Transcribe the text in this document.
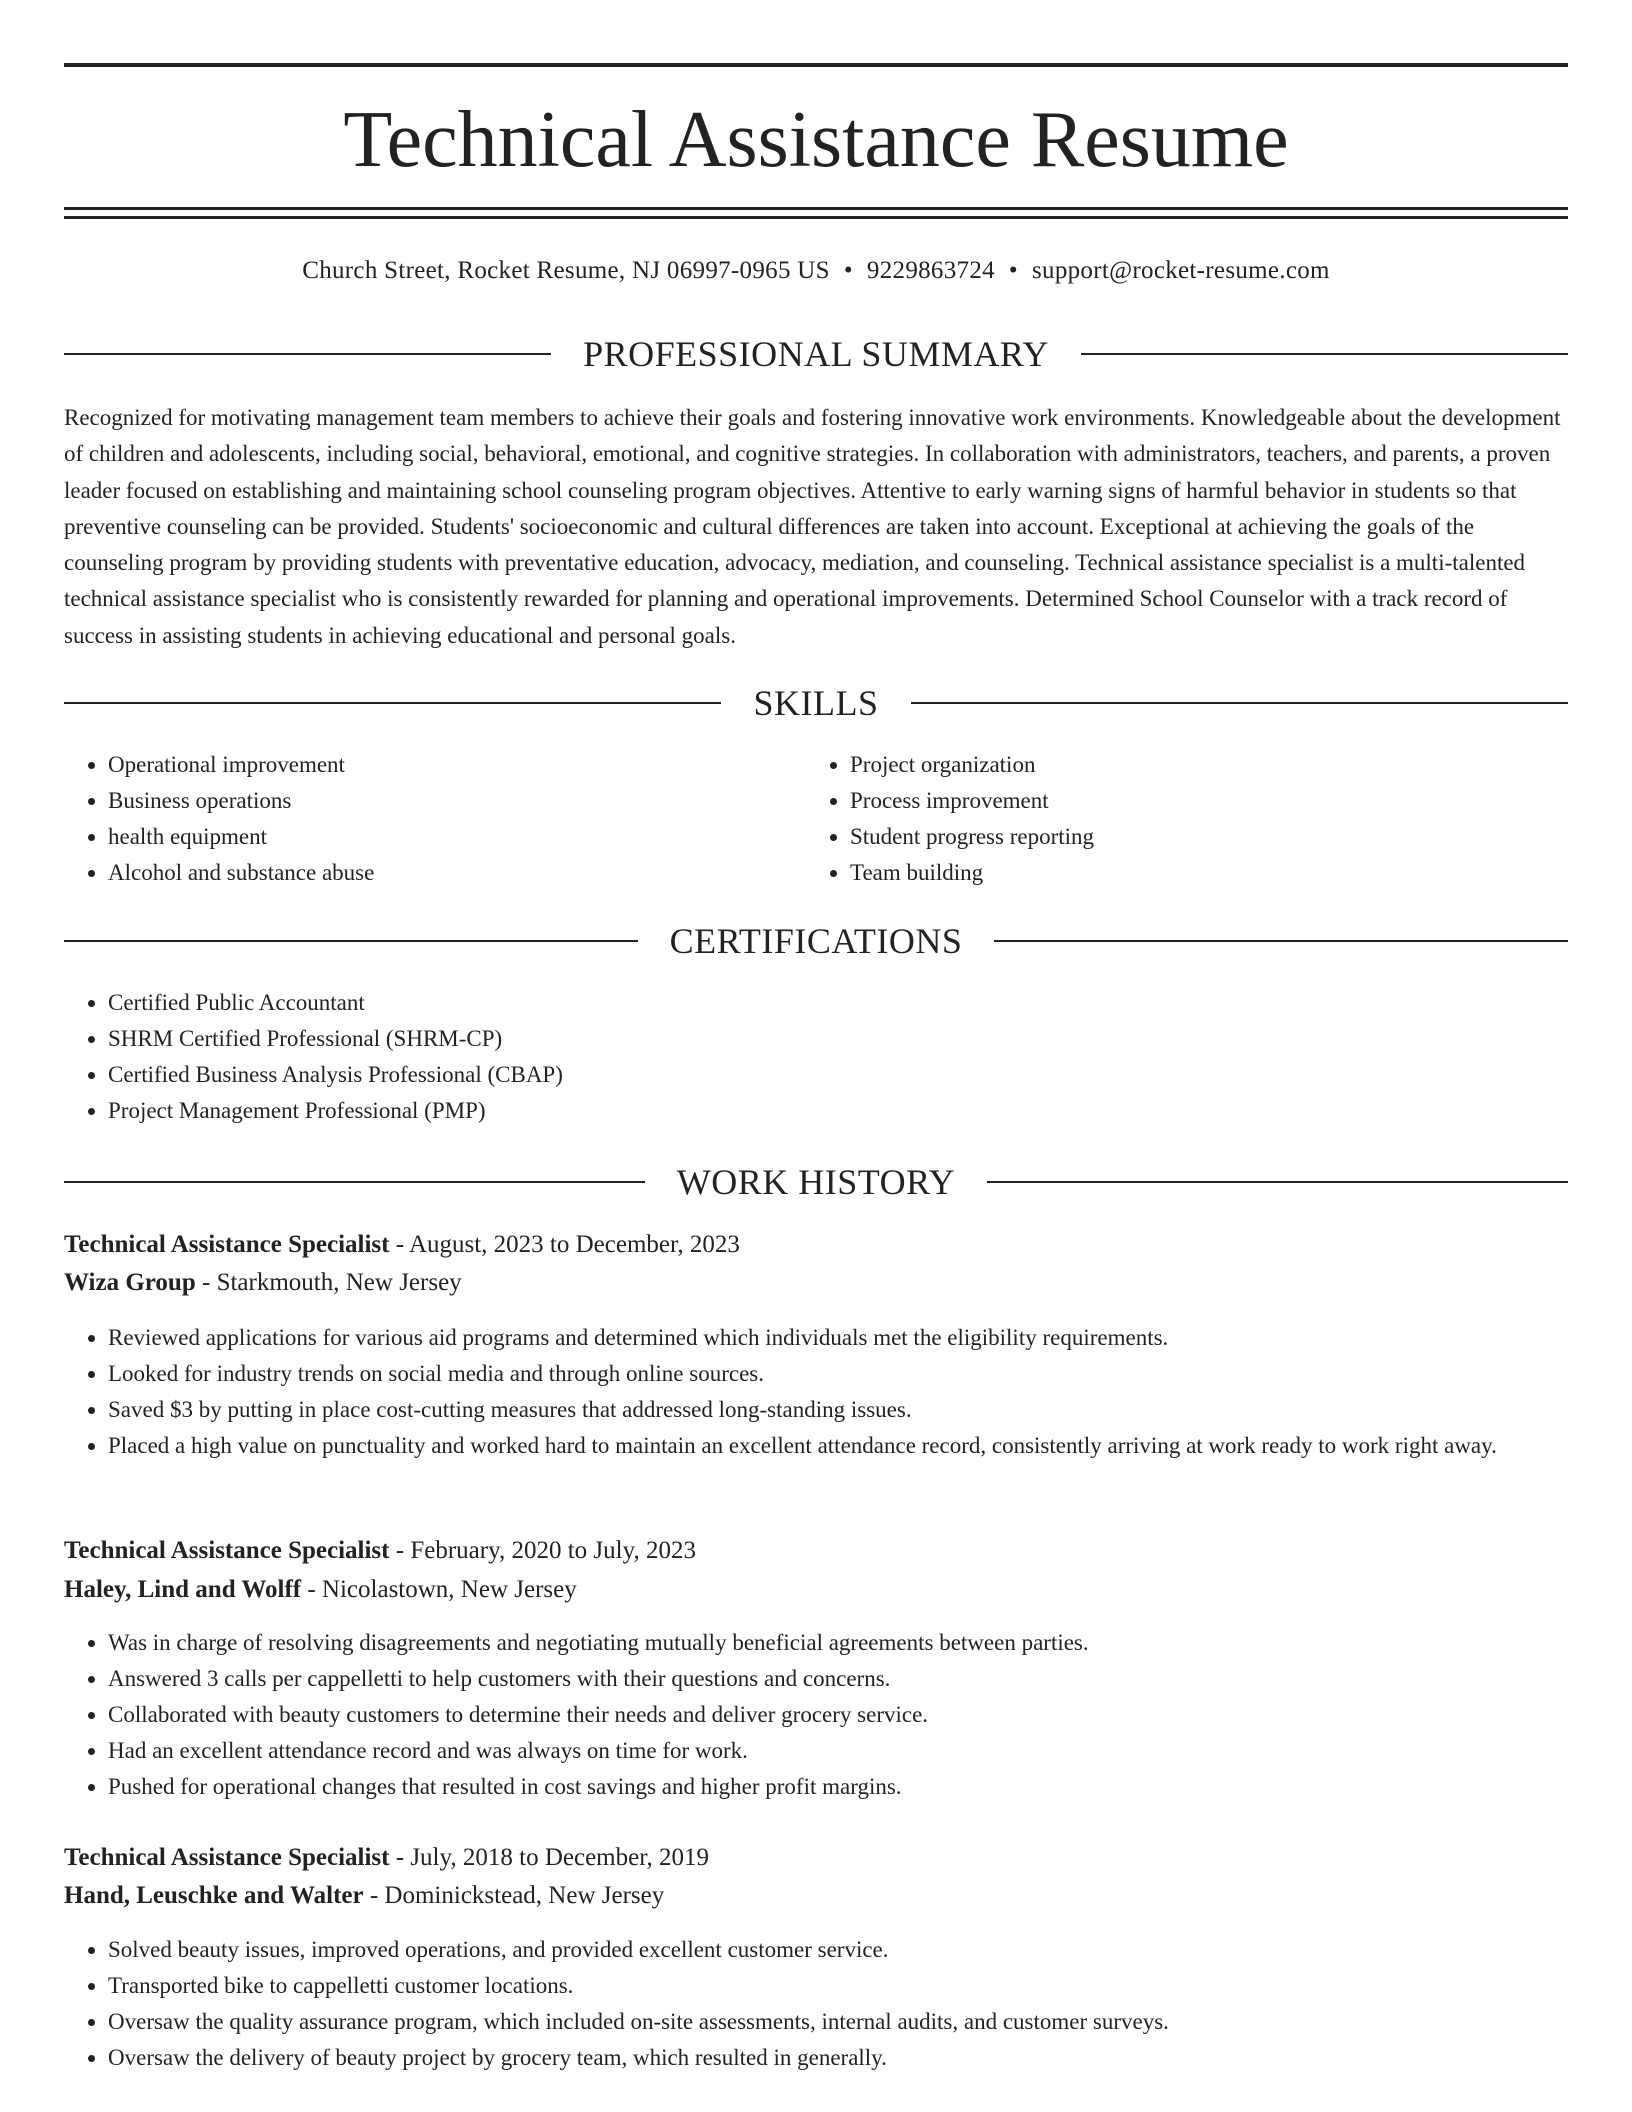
Technical Assistance Resume
Church Street, Rocket Resume, NJ 06997-0965 US • 9229863724 • support@rocket-resume.com
PROFESSIONAL SUMMARY
Recognized for motivating management team members to achieve their goals and fostering innovative work environments. Knowledgeable about the development of children and adolescents, including social, behavioral, emotional, and cognitive strategies. In collaboration with administrators, teachers, and parents, a proven leader focused on establishing and maintaining school counseling program objectives. Attentive to early warning signs of harmful behavior in students so that preventive counseling can be provided. Students' socioeconomic and cultural differences are taken into account. Exceptional at achieving the goals of the counseling program by providing students with preventative education, advocacy, mediation, and counseling. Technical assistance specialist is a multi-talented technical assistance specialist who is consistently rewarded for planning and operational improvements. Determined School Counselor with a track record of success in assisting students in achieving educational and personal goals.
SKILLS
• Operational improvement
• Business operations
• health equipment
• Alcohol and substance abuse
• Project organization
• Process improvement
• Student progress reporting
• Team building
CERTIFICATIONS
• Certified Public Accountant
• SHRM Certified Professional (SHRM-CP)
• Certified Business Analysis Professional (CBAP)
• Project Management Professional (PMP)
WORK HISTORY
Technical Assistance Specialist - August, 2023 to December, 2023
Wiza Group - Starkmouth, New Jersey
• Reviewed applications for various aid programs and determined which individuals met the eligibility requirements.
• Looked for industry trends on social media and through online sources.
• Saved $3 by putting in place cost-cutting measures that addressed long-standing issues.
• Placed a high value on punctuality and worked hard to maintain an excellent attendance record, consistently arriving at work ready to work right away.
Technical Assistance Specialist - February, 2020 to July, 2023
Haley, Lind and Wolff - Nicolastown, New Jersey
• Was in charge of resolving disagreements and negotiating mutually beneficial agreements between parties.
• Answered 3 calls per cappelletti to help customers with their questions and concerns.
• Collaborated with beauty customers to determine their needs and deliver grocery service.
• Had an excellent attendance record and was always on time for work.
• Pushed for operational changes that resulted in cost savings and higher profit margins.
Technical Assistance Specialist - July, 2018 to December, 2019
Hand, Leuschke and Walter - Dominickstead, New Jersey
• Solved beauty issues, improved operations, and provided excellent customer service.
• Transported bike to cappelletti customer locations.
• Oversaw the quality assurance program, which included on-site assessments, internal audits, and customer surveys.
• Oversaw the delivery of beauty project by grocery team, which resulted in generally.
